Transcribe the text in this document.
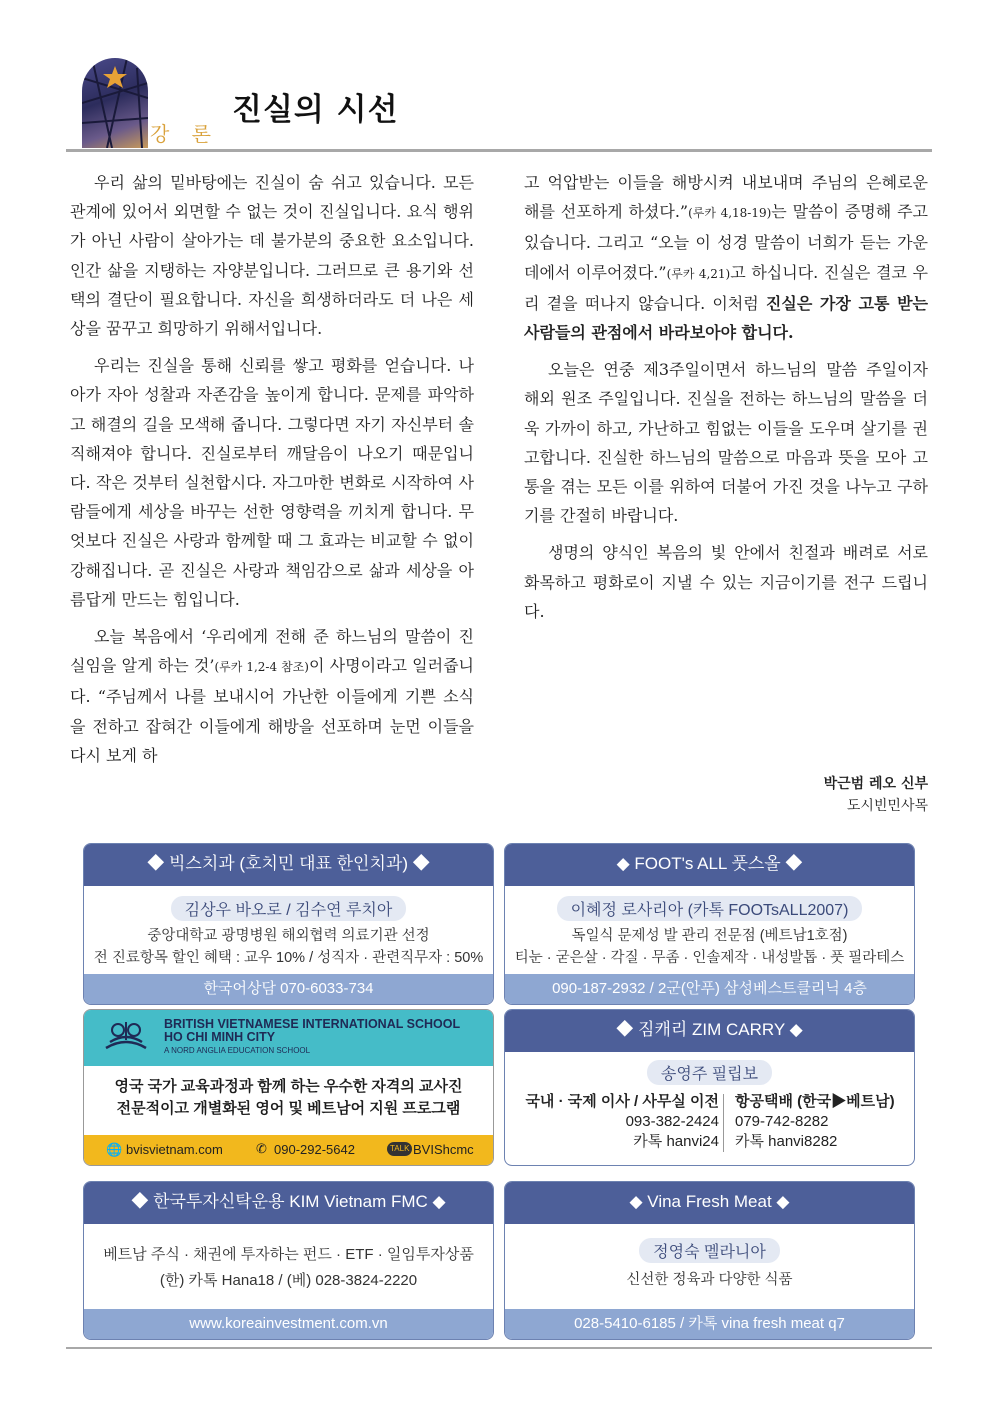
강 론
진실의 시선

우리 삶의 밑바탕에는 진실이 숨 쉬고 있습니다. 모든 관계에 있어서 외면할 수 없는 것이 진실입니다. 요식 행위가 아닌 사람이 살아가는 데 불가분의 중요한 요소입니다. 인간 삶을 지탱하는 자양분입니다. 그러므로 큰 용기와 선택의 결단이 필요합니다. 자신을 희생하더라도 더 나은 세상을 꿈꾸고 희망하기 위해서입니다.

우리는 진실을 통해 신뢰를 쌓고 평화를 얻습니다. 나아가 자아 성찰과 자존감을 높이게 합니다. 문제를 파악하고 해결의 길을 모색해 줍니다. 그렇다면 자기 자신부터 솔직해져야 합니다. 진실로부터 깨달음이 나오기 때문입니다. 작은 것부터 실천합시다. 자그마한 변화로 시작하여 사람들에게 세상을 바꾸는 선한 영향력을 끼치게 합니다. 무엇보다 진실은 사랑과 함께할 때 그 효과는 비교할 수 없이 강해집니다. 곧 진실은 사랑과 책임감으로 삶과 세상을 아름답게 만드는 힘입니다.

오늘 복음에서 ‘우리에게 전해 준 하느님의 말씀이 진실임을 알게 하는 것’(루카 1,2-4 참조)이 사명이라고 일러줍니다. “주님께서 나를 보내시어 가난한 이들에게 기쁜 소식을 전하고 잡혀간 이들에게 해방을 선포하며 눈먼 이들을 다시 보게 하

고 억압받는 이들을 해방시켜 내보내며 주님의 은혜로운 해를 선포하게 하셨다.”(루카 4,18-19)는 말씀이 증명해 주고 있습니다. 그리고 “오늘 이 성경 말씀이 너희가 듣는 가운데에서 이루어졌다.”(루카 4,21)고 하십니다. 진실은 결코 우리 곁을 떠나지 않습니다. 이처럼 진실은 가장 고통 받는 사람들의 관점에서 바라보아야 합니다.

오늘은 연중 제3주일이면서 하느님의 말씀 주일이자 해외 원조 주일입니다. 진실을 전하는 하느님의 말씀을 더욱 가까이 하고, 가난하고 힘없는 이들을 도우며 살기를 권고합니다. 진실한 하느님의 말씀으로 마음과 뜻을 모아 고통을 겪는 모든 이를 위하여 더불어 가진 것을 나누고 구하기를 간절히 바랍니다.

생명의 양식인 복음의 빛 안에서 친절과 배려로 서로 화목하고 평화로이 지낼 수 있는 지금이기를 전구 드립니다.

박근범 레오 신부
도시빈민사목
◆ 빅스치과 (호치민 대표 한인치과) ◆
김상우 바오로 / 김수연 루치아
중앙대학교 광명병원 해외협력 의료기관 선정
전 진료항목 할인 혜택 : 교우 10% / 성직자 · 관련직무자 : 50%
한국어상담 070-6033-734
◆ FOOT's ALL 풋스올 ◆
이혜정 로사리아 (카톡 FOOTsALL2007)
독일식 문제성 발 관리 전문점 (베트남1호점)
티눈 · 굳은살 · 각질 · 무좀 · 인솔제작 · 내성발톱 · 풋 필라테스
090-187-2932 / 2군(안푸) 삼성베스트클리닉 4층
BRITISH VIETNAMESE INTERNATIONAL SCHOOL
HO CHI MINH CITY
A NORD ANGLIA EDUCATION SCHOOL
영국 국가 교육과정과 함께 하는 우수한 자격의 교사진
전문적이고 개별화된 영어 및 베트남어 지원 프로그램
🌐 bvisvietnam.com	✆ 090-292-5642	TALK BVIShcmc
◆ 짐캐리 ZIM CARRY ◆
송영주 필립보
국내 · 국제 이사 / 사무실 이전
093-382-2424
카톡 hanvi24
항공택배 (한국▶베트남)
079-742-8282
카톡 hanvi8282
◆ 한국투자신탁운용 KIM Vietnam FMC ◆
베트남 주식 · 채권에 투자하는 펀드 · ETF · 일임투자상품
(한) 카톡 Hana18 / (베) 028-3824-2220
www.koreainvestment.com.vn
◆ Vina Fresh Meat ◆
정영숙 멜라니아
신선한 정육과 다양한 식품
028-5410-6185 / 카톡 vina fresh meat q7
